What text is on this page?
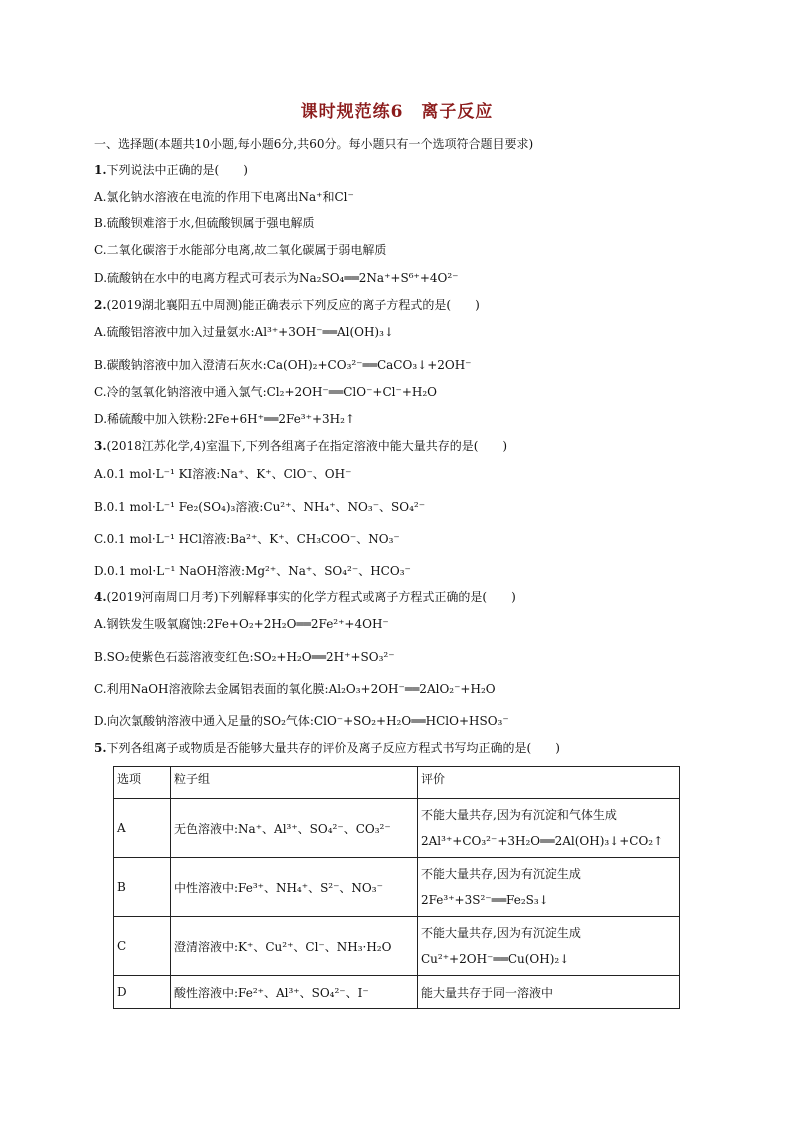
课时规范练6　离子反应
一、选择题(本题共10小题,每小题6分,共60分。每小题只有一个选项符合题目要求)
1.下列说法中正确的是(　　)
A.氯化钠水溶液在电流的作用下电离出Na⁺和Cl⁻
B.硫酸钡难溶于水,但硫酸钡属于强电解质
C.二氧化碳溶于水能部分电离,故二氧化碳属于弱电解质
D.硫酸钠在水中的电离方程式可表示为Na₂SO₄══2Na⁺+S⁶⁺+4O²⁻
2.(2019湖北襄阳五中周测)能正确表示下列反应的离子方程式的是(　　)
A.硫酸铝溶液中加入过量氨水:Al³⁺+3OH⁻══Al(OH)₃↓
B.碳酸钠溶液中加入澄清石灰水:Ca(OH)₂+CO₃²⁻══CaCO₃↓+2OH⁻
C.冷的氢氧化钠溶液中通入氯气:Cl₂+2OH⁻══ClO⁻+Cl⁻+H₂O
D.稀硫酸中加入铁粉:2Fe+6H⁺══2Fe³⁺+3H₂↑
3.(2018江苏化学,4)室温下,下列各组离子在指定溶液中能大量共存的是(　　)
A.0.1 mol·L⁻¹ KI溶液:Na⁺、K⁺、ClO⁻、OH⁻
B.0.1 mol·L⁻¹ Fe₂(SO₄)₃溶液:Cu²⁺、NH₄⁺、NO₃⁻、SO₄²⁻
C.0.1 mol·L⁻¹ HCl溶液:Ba²⁺、K⁺、CH₃COO⁻、NO₃⁻
D.0.1 mol·L⁻¹ NaOH溶液:Mg²⁺、Na⁺、SO₄²⁻、HCO₃⁻
4.(2019河南周口月考)下列解释事实的化学方程式或离子方程式正确的是(　　)
A.钢铁发生吸氧腐蚀:2Fe+O₂+2H₂O══2Fe²⁺+4OH⁻
B.SO₂使紫色石蕊溶液变红色:SO₂+H₂O══2H⁺+SO₃²⁻
C.利用NaOH溶液除去金属铝表面的氧化膜:Al₂O₃+2OH⁻══2AlO₂⁻+H₂O
D.向次氯酸钠溶液中通入足量的SO₂气体:ClO⁻+SO₂+H₂O══HClO+HSO₃⁻
5.下列各组离子或物质是否能够大量共存的评价及离子反应方程式书写均正确的是(　　)
选项	粒子组	评价
A	无色溶液中:Na⁺、Al³⁺、SO₄²⁻、CO₃²⁻	不能大量共存,因为有沉淀和气体生成
2Al³⁺+CO₃²⁻+3H₂O══2Al(OH)₃↓+CO₂↑

B	中性溶液中:Fe³⁺、NH₄⁺、S²⁻、NO₃⁻	不能大量共存,因为有沉淀生成
2Fe³⁺+3S²⁻══Fe₂S₃↓

C	澄清溶液中:K⁺、Cu²⁺、Cl⁻、NH₃·H₂O	不能大量共存,因为有沉淀生成
Cu²⁺+2OH⁻══Cu(OH)₂↓

D	酸性溶液中:Fe²⁺、Al³⁺、SO₄²⁻、I⁻	能大量共存于同一溶液中
